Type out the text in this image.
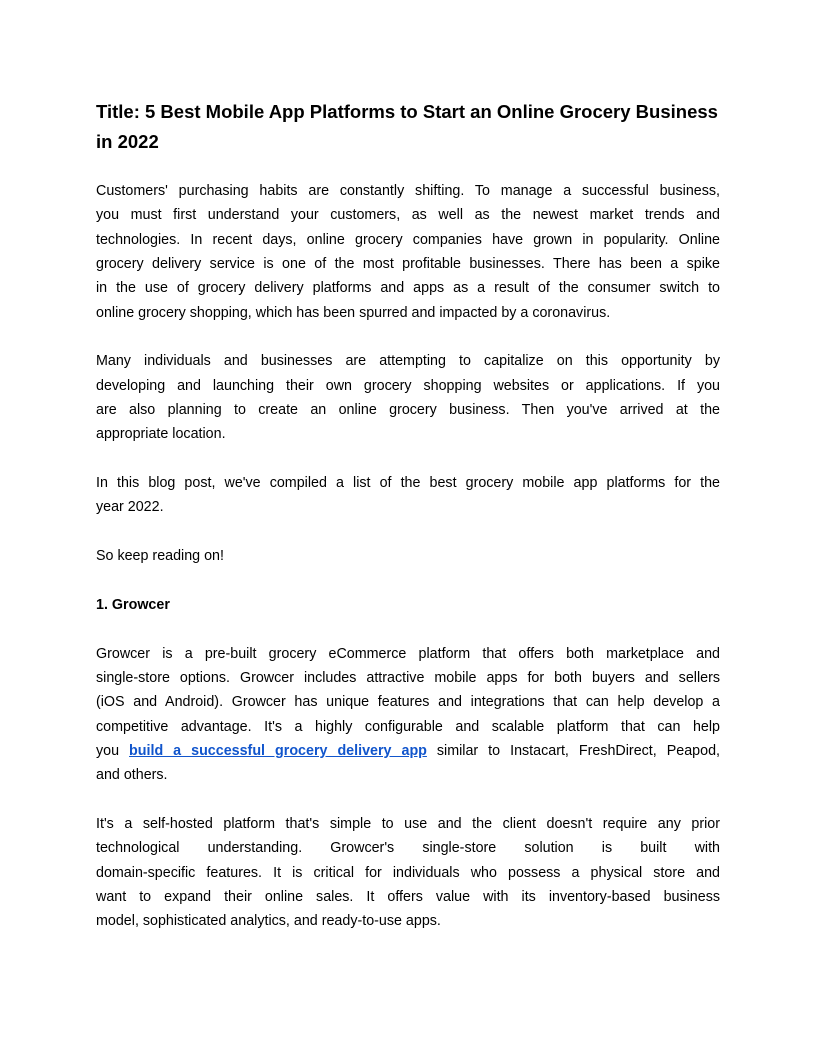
Title: 5 Best Mobile App Platforms to Start an Online Grocery Business
in 2022
Customers' purchasing habits are constantly shifting. To manage a successful business,
you must first understand your customers, as well as the newest market trends and
technologies. In recent days, online grocery companies have grown in popularity. Online
grocery delivery service is one of the most profitable businesses. There has been a spike
in the use of grocery delivery platforms and apps as a result of the consumer switch to
online grocery shopping, which has been spurred and impacted by a coronavirus.
Many individuals and businesses are attempting to capitalize on this opportunity by
developing and launching their own grocery shopping websites or applications. If you
are also planning to create an online grocery business. Then you've arrived at the
appropriate location.
In this blog post, we've compiled a list of the best grocery mobile app platforms for the
year 2022.
So keep reading on!
1. Growcer
Growcer is a pre-built grocery eCommerce platform that offers both marketplace and
single-store options. Growcer includes attractive mobile apps for both buyers and sellers
(iOS and Android). Growcer has unique features and integrations that can help develop a
competitive advantage. It's a highly configurable and scalable platform that can help
you build a successful grocery delivery app similar to Instacart, FreshDirect, Peapod,
and others.
It's a self-hosted platform that's simple to use and the client doesn't require any prior
technological understanding. Growcer's single-store solution is built with
domain-specific features. It is critical for individuals who possess a physical store and
want to expand their online sales. It offers value with its inventory-based business
model, sophisticated analytics, and ready-to-use apps.
